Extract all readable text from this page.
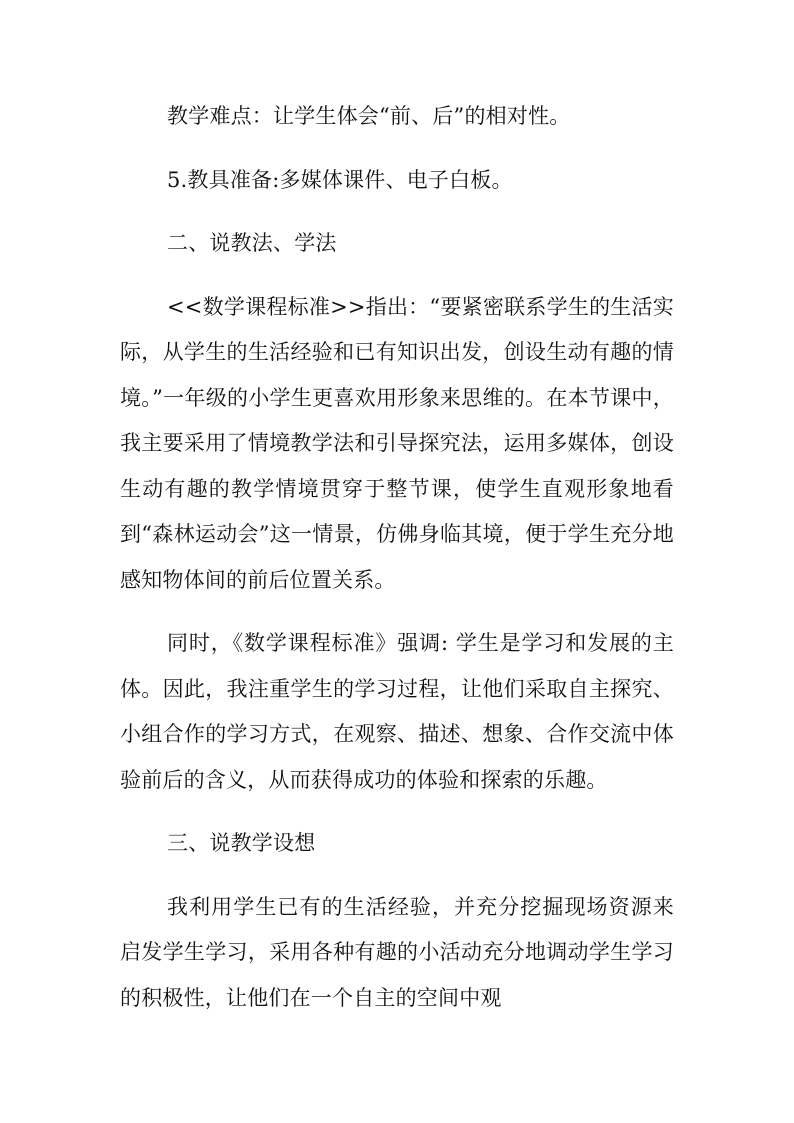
教学难点：让学生体会“前、后”的相对性。

5.教具准备:多媒体课件、电子白板。

二、说教法、学法

<<数学课程标准>>指出：“要紧密联系学生的生活实际，从学生的生活经验和已有知识出发，创设生动有趣的情境。”一年级的小学生更喜欢用形象来思维的。在本节课中，我主要采用了情境教学法和引导探究法，运用多媒体，创设生动有趣的教学情境贯穿于整节课，使学生直观形象地看到“森林运动会”这一情景，仿佛身临其境，便于学生充分地感知物体间的前后位置关系。

同时，《数学课程标准》强调: 学生是学习和发展的主体。因此，我注重学生的学习过程，让他们采取自主探究、小组合作的学习方式，在观察、描述、想象、合作交流中体验前后的含义，从而获得成功的体验和探索的乐趣。

三、说教学设想

我利用学生已有的生活经验，并充分挖掘现场资源来启发学生学习，采用各种有趣的小活动充分地调动学生学习的积极性，让他们在一个自主的空间中观
